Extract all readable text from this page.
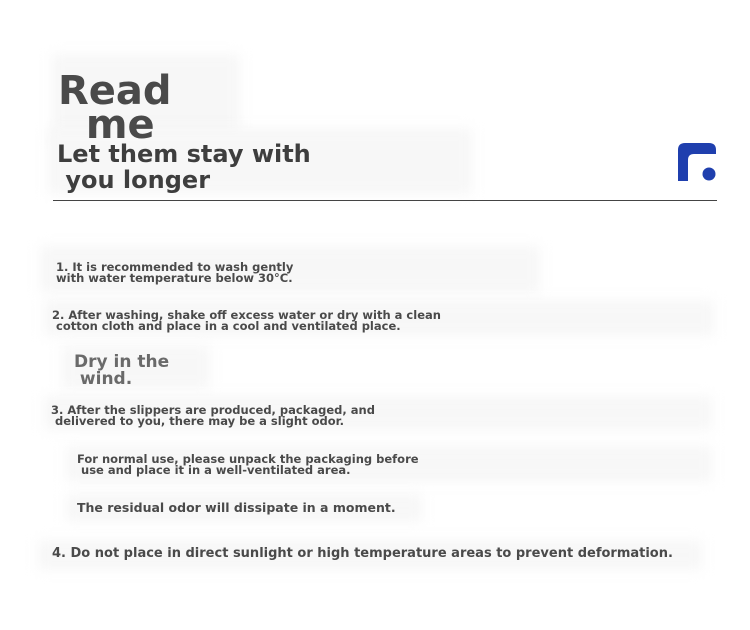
Read
me
Let them stay with
you longer
1. It is recommended to wash gently
with water temperature below 30°C.
2. After washing, shake off excess water or dry with a clean
cotton cloth and place in a cool and ventilated place.
Dry in the
wind.
3. After the slippers are produced, packaged, and
delivered to you, there may be a slight odor.
For normal use, please unpack the packaging before
use and place it in a well-ventilated area.
The residual odor will dissipate in a moment.
4. Do not place in direct sunlight or high temperature areas to prevent deformation.
